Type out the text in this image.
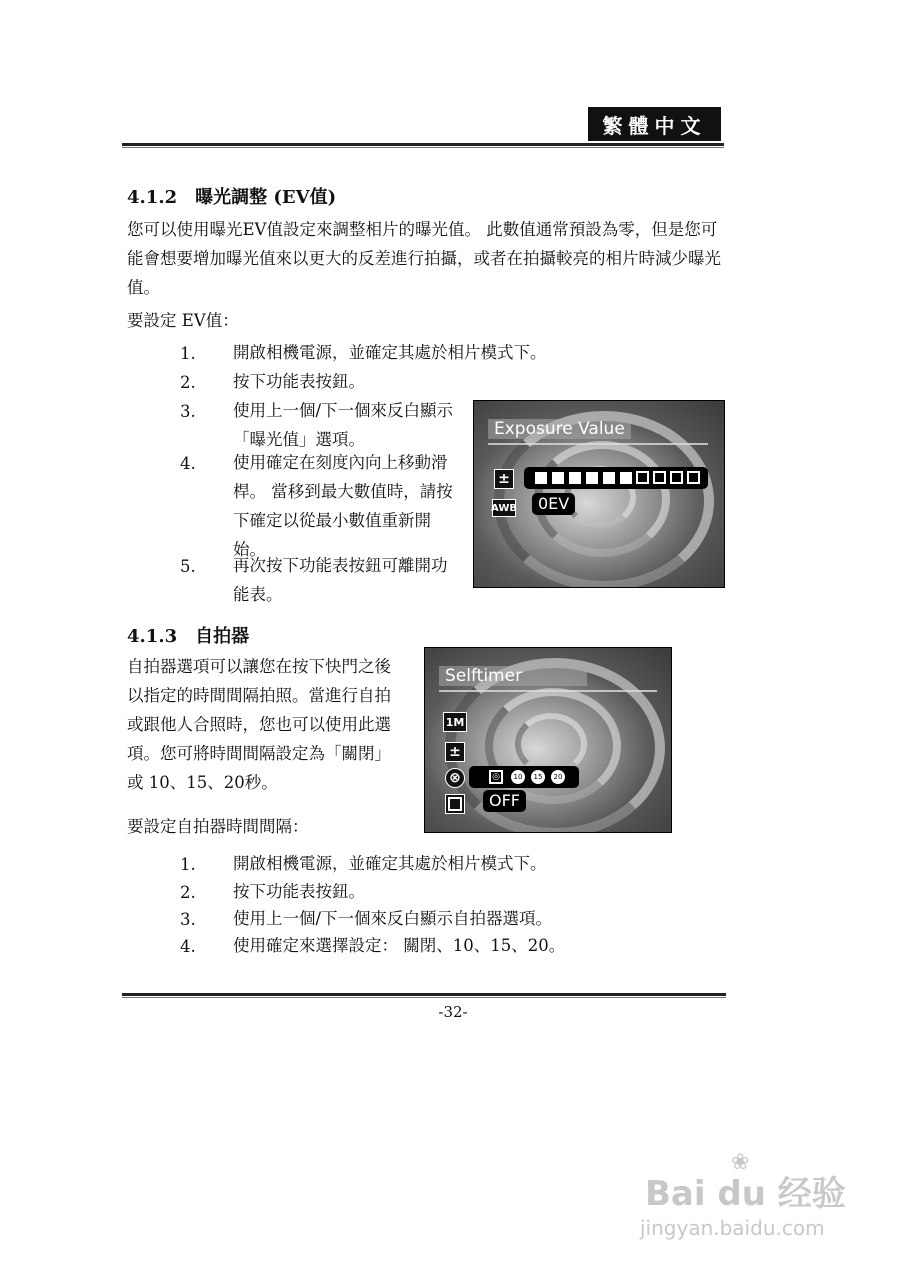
繁體中文
4.1.2　曝光調整 (EV值)
您可以使用曝光EV值設定來調整相片的曝光值。 此數值通常預設為零，但是您可能會想要增加曝光值來以更大的反差進行拍攝，或者在拍攝較亮的相片時減少曝光值。
要設定 EV值：
1. 開啟相機電源，並確定其處於相片模式下。
2. 按下功能表按鈕。
3. 使用上一個/下一個來反白顯示「曝光值」選項。
4. 使用確定在刻度內向上移動滑桿。 當移到最大數值時，請按下確定以從最小數值重新開始。
5. 再次按下功能表按鈕可離開功能表。
Exposure Value
±
AWB	0EV
4.1.3　自拍器
自拍器選項可以讓您在按下快門之後以指定的時間間隔拍照。當進行自拍或跟他人合照時，您也可以使用此選項。您可將時間間隔設定為「關閉」或 10、15、20秒。
要設定自拍器時間間隔：
Selftimer
1M
±
⊗	◎	10	15	20
OFF
1. 開啟相機電源，並確定其處於相片模式下。
2. 按下功能表按鈕。
3. 使用上一個/下一個來反白顯示自拍器選項。
4. 使用確定來選擇設定： 關閉、10、15、20。
-32-
❀
Bai du 经验
jingyan.baidu.com
